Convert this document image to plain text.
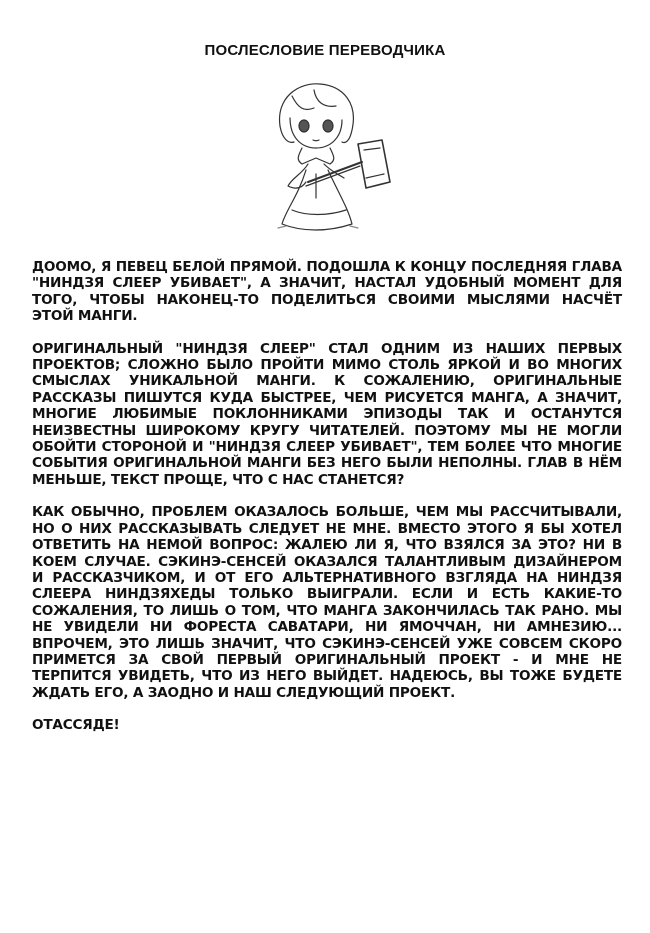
ПОСЛЕСЛОВИЕ ПЕРЕВОДЧИКА

ДООМО, Я ПЕВЕЦ БЕЛОЙ ПРЯМОЙ. ПОДОШЛА К КОНЦУ ПОСЛЕДНЯЯ ГЛАВА "НИНДЗЯ СЛЕЕР УБИВАЕТ", А ЗНАЧИТ, НАСТАЛ УДОБНЫЙ МОМЕНТ ДЛЯ ТОГО, ЧТОБЫ НАКОНЕЦ-ТО ПОДЕЛИТЬСЯ СВОИМИ МЫСЛЯМИ НАСЧЁТ ЭТОЙ МАНГИ.

ОРИГИНАЛЬНЫЙ "НИНДЗЯ СЛЕЕР" СТАЛ ОДНИМ ИЗ НАШИХ ПЕРВЫХ ПРОЕКТОВ; СЛОЖНО БЫЛО ПРОЙТИ МИМО СТОЛЬ ЯРКОЙ И ВО МНОГИХ СМЫСЛАХ УНИКАЛЬНОЙ МАНГИ. К СОЖАЛЕНИЮ, ОРИГИНАЛЬНЫЕ РАССКАЗЫ ПИШУТСЯ КУДА БЫСТРЕЕ, ЧЕМ РИСУЕТСЯ МАНГА, А ЗНАЧИТ, МНОГИЕ ЛЮБИМЫЕ ПОКЛОННИКАМИ ЭПИЗОДЫ ТАК И ОСТАНУТСЯ НЕИЗВЕСТНЫ ШИРОКОМУ КРУГУ ЧИТАТЕЛЕЙ. ПОЭТОМУ МЫ НЕ МОГЛИ ОБОЙТИ СТОРОНОЙ И "НИНДЗЯ СЛЕЕР УБИВАЕТ", ТЕМ БОЛЕЕ ЧТО МНОГИЕ СОБЫТИЯ ОРИГИНАЛЬНОЙ МАНГИ БЕЗ НЕГО БЫЛИ НЕПОЛНЫ. ГЛАВ В НЁМ МЕНЬШЕ, ТЕКСТ ПРОЩЕ, ЧТО С НАС СТАНЕТСЯ?

КАК ОБЫЧНО, ПРОБЛЕМ ОКАЗАЛОСЬ БОЛЬШЕ, ЧЕМ МЫ РАССЧИТЫВАЛИ, НО О НИХ РАССКАЗЫВАТЬ СЛЕДУЕТ НЕ МНЕ. ВМЕСТО ЭТОГО Я БЫ ХОТЕЛ ОТВЕТИТЬ НА НЕМОЙ ВОПРОС: ЖАЛЕЮ ЛИ Я, ЧТО ВЗЯЛСЯ ЗА ЭТО? НИ В КОЕМ СЛУЧАЕ. СЭКИНЭ-СЕНСЕЙ ОКАЗАЛСЯ ТАЛАНТЛИВЫМ ДИЗАЙНЕРОМ И РАССКАЗЧИКОМ, И ОТ ЕГО АЛЬТЕРНАТИВНОГО ВЗГЛЯДА НА НИНДЗЯ СЛЕЕРА НИНДЗЯХЕДЫ ТОЛЬКО ВЫИГРАЛИ. ЕСЛИ И ЕСТЬ КАКИЕ-ТО СОЖАЛЕНИЯ, ТО ЛИШЬ О ТОМ, ЧТО МАНГА ЗАКОНЧИЛАСЬ ТАК РАНО. МЫ НЕ УВИДЕЛИ НИ ФОРЕСТА САВАТАРИ, НИ ЯМОЧЧАН, НИ АМНЕЗИЮ... ВПРОЧЕМ, ЭТО ЛИШЬ ЗНАЧИТ, ЧТО СЭКИНЭ-СЕНСЕЙ УЖЕ СОВСЕМ СКОРО ПРИМЕТСЯ ЗА СВОЙ ПЕРВЫЙ ОРИГИНАЛЬНЫЙ ПРОЕКТ - И МНЕ НЕ ТЕРПИТСЯ УВИДЕТЬ, ЧТО ИЗ НЕГО ВЫЙДЕТ. НАДЕЮСЬ, ВЫ ТОЖЕ БУДЕТЕ ЖДАТЬ ЕГО, А ЗАОДНО И НАШ СЛЕДУЮЩИЙ ПРОЕКТ.

ОТАССЯДЕ!
